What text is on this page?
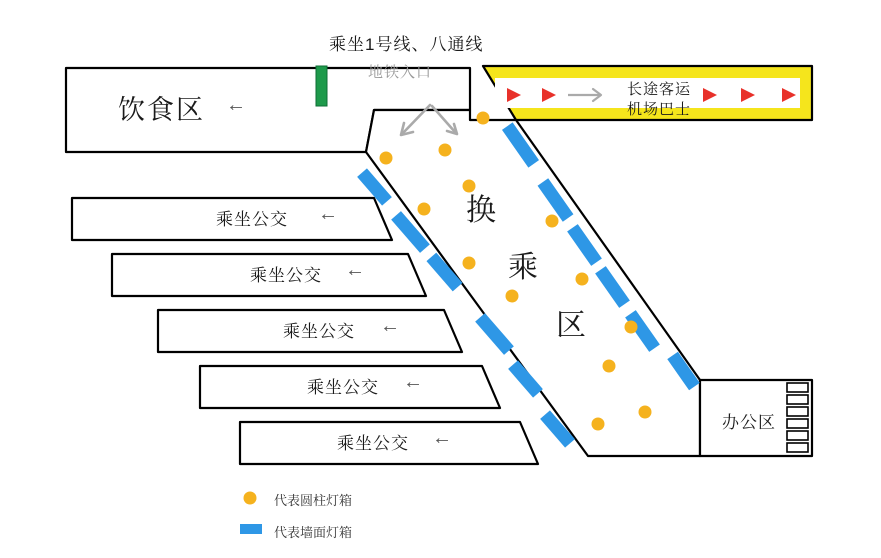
乘坐1号线、八通线
地铁入口
饮食区 ←
长途客运
机场巴士
换
乘
区
乘坐公交 ←
乘坐公交 ←
乘坐公交 ←
乘坐公交 ←
乘坐公交 ←
办公区
代表圆柱灯箱
代表墙面灯箱
